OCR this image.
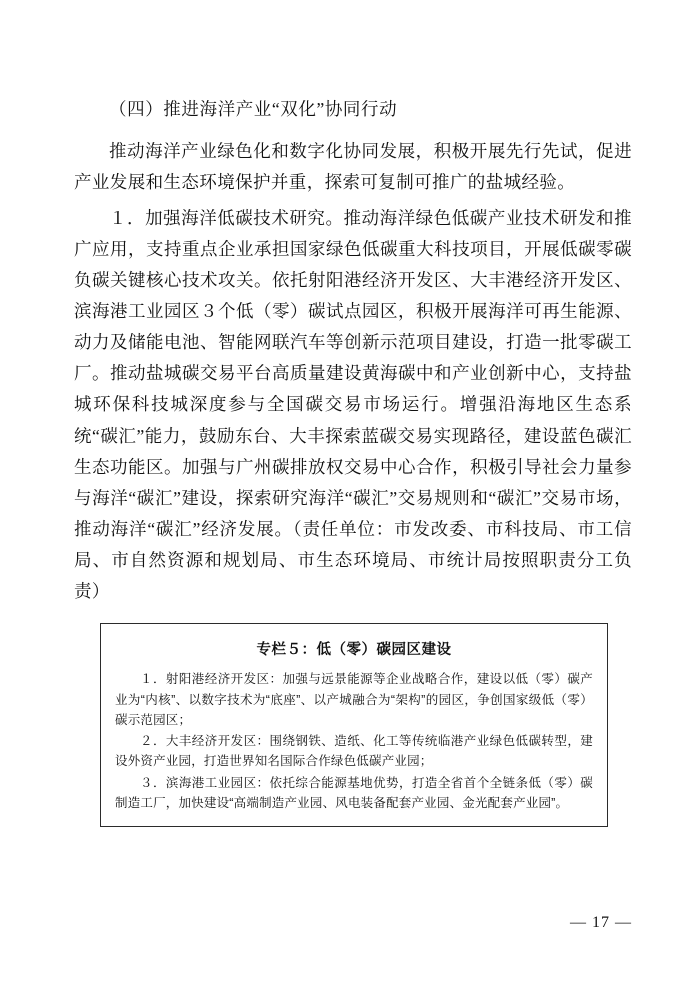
（四）推进海洋产业“双化”协同行动

推动海洋产业绿色化和数字化协同发展，积极开展先行先试，促进产业发展和生态环境保护并重，探索可复制可推广的盐城经验。

１．加强海洋低碳技术研究。推动海洋绿色低碳产业技术研发和推广应用，支持重点企业承担国家绿色低碳重大科技项目，开展低碳零碳负碳关键核心技术攻关。依托射阳港经济开发区、大丰港经济开发区、滨海港工业园区３个低（零）碳试点园区，积极开展海洋可再生能源、动力及储能电池、智能网联汽车等创新示范项目建设，打造一批零碳工厂。推动盐城碳交易平台高质量建设黄海碳中和产业创新中心，支持盐城环保科技城深度参与全国碳交易市场运行。增强沿海地区生态系统“碳汇”能力，鼓励东台、大丰探索蓝碳交易实现路径，建设蓝色碳汇生态功能区。加强与广州碳排放权交易中心合作，积极引导社会力量参与海洋“碳汇”建设，探索研究海洋“碳汇”交易规则和“碳汇”交易市场，推动海洋“碳汇”经济发展。（责任单位：市发改委、市科技局、市工信局、市自然资源和规划局、市生态环境局、市统计局按照职责分工负责）

专栏５：低（零）碳园区建设

１．射阳港经济开发区：加强与远景能源等企业战略合作，建设以低（零）碳产业为“内核”、以数字技术为“底座”、以产城融合为“架构”的园区，争创国家级低（零）碳示范园区；

２．大丰经济开发区：围绕钢铁、造纸、化工等传统临港产业绿色低碳转型，建设外资产业园，打造世界知名国际合作绿色低碳产业园；

３．滨海港工业园区：依托综合能源基地优势，打造全省首个全链条低（零）碳制造工厂，加快建设“高端制造产业园、风电装备配套产业园、金光配套产业园”。

— 17 —
